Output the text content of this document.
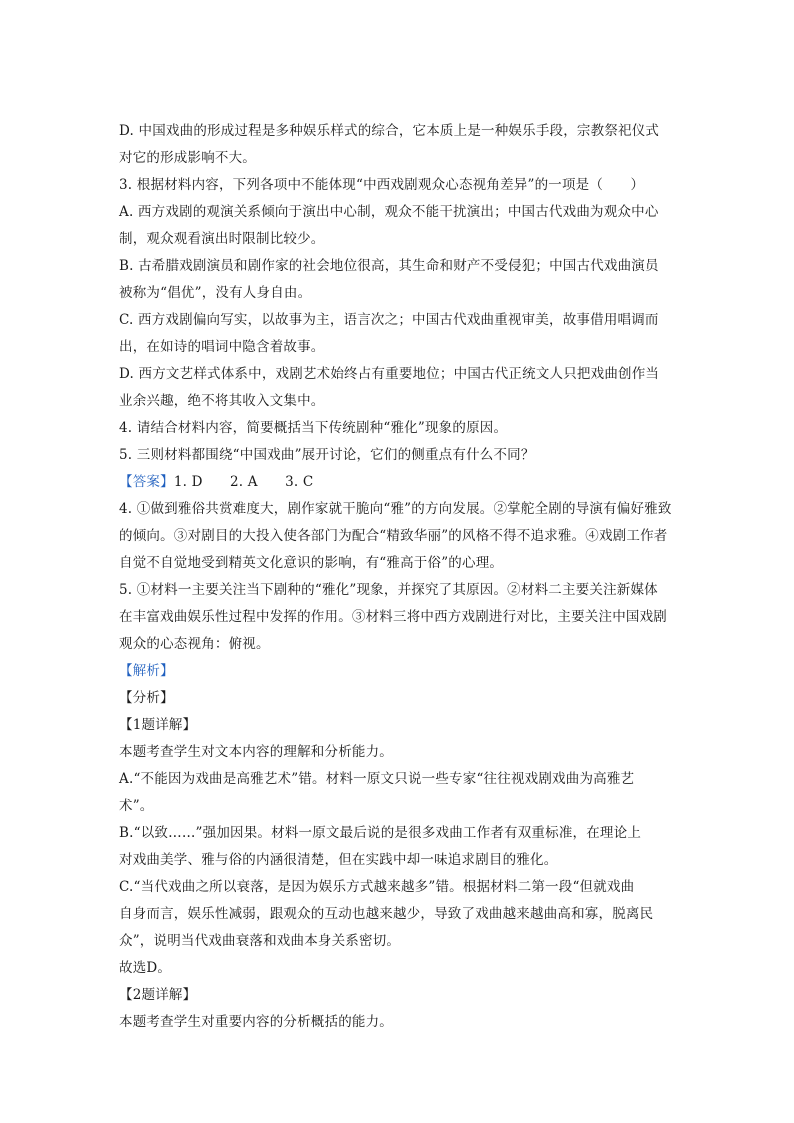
D. 中国戏曲的形成过程是多种娱乐样式的综合，它本质上是一种娱乐手段，宗教祭祀仪式
对它的形成影响不大。
3. 根据材料内容，下列各项中不能体现“中西戏剧观众心态视角差异”的一项是（　　）
A. 西方戏剧的观演关系倾向于演出中心制，观众不能干扰演出；中国古代戏曲为观众中心
制，观众观看演出时限制比较少。
B. 古希腊戏剧演员和剧作家的社会地位很高，其生命和财产不受侵犯；中国古代戏曲演员
被称为“倡优”，没有人身自由。
C. 西方戏剧偏向写实，以故事为主，语言次之；中国古代戏曲重视审美，故事借用唱调而
出，在如诗的唱词中隐含着故事。
D. 西方文艺样式体系中，戏剧艺术始终占有重要地位；中国古代正统文人只把戏曲创作当
业余兴趣，绝不将其收入文集中。
4. 请结合材料内容，简要概括当下传统剧种“雅化”现象的原因。
5. 三则材料都围绕“中国戏曲”展开讨论，它们的侧重点有什么不同？
【答案】1. D　　2. A　　3. C
4. ①做到雅俗共赏难度大，剧作家就干脆向“雅”的方向发展。②掌舵全剧的导演有偏好雅致
的倾向。③对剧目的大投入使各部门为配合“精致华丽”的风格不得不追求雅。④戏剧工作者
自觉不自觉地受到精英文化意识的影响，有“雅高于俗”的心理。
5. ①材料一主要关注当下剧种的“雅化”现象，并探究了其原因。②材料二主要关注新媒体
在丰富戏曲娱乐性过程中发挥的作用。③材料三将中西方戏剧进行对比，主要关注中国戏剧
观众的心态视角：俯视。
【解析】
【分析】
【1题详解】
本题考查学生对文本内容的理解和分析能力。
A.“不能因为戏曲是高雅艺术”错。材料一原文只说一些专家“往往视戏剧戏曲为高雅艺
术”。
B.“以致……”强加因果。材料一原文最后说的是很多戏曲工作者有双重标准，在理论上
对戏曲美学、雅与俗的内涵很清楚，但在实践中却一味追求剧目的雅化。
C.“当代戏曲之所以衰落，是因为娱乐方式越来越多”错。根据材料二第一段“但就戏曲
自身而言，娱乐性减弱，跟观众的互动也越来越少，导致了戏曲越来越曲高和寡，脱离民
众”，说明当代戏曲衰落和戏曲本身关系密切。
故选D。
【2题详解】
本题考查学生对重要内容的分析概括的能力。
